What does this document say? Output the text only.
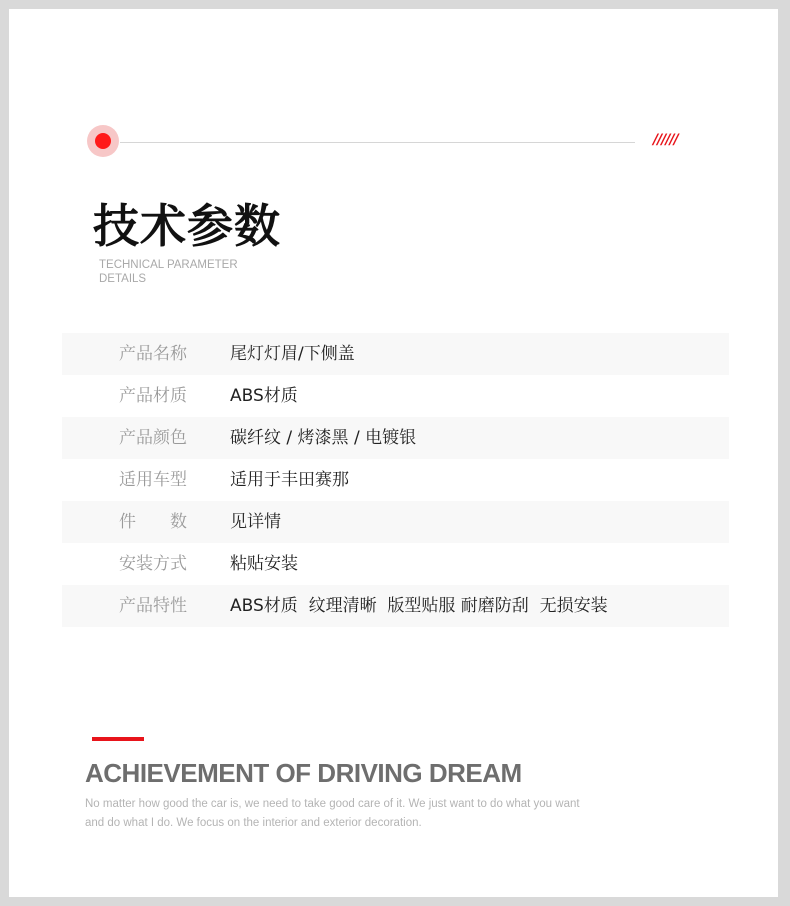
//////
技术参数
TECHNICAL PARAMETER
DETAILS
产品名称	尾灯灯眉/下侧盖
产品材质	ABS材质
产品颜色	碳纤纹 / 烤漆黑 / 电镀银
适用车型	适用于丰田赛那
件　　数	见详情
安装方式	粘贴安装
产品特性	ABS材质  纹理清晰  版型贴服 耐磨防刮  无损安装
ACHIEVEMENT OF DRIVING DREAM
No matter how good the car is, we need to take good care of it. We just want to do what you want
and do what I do. We focus on the interior and exterior decoration.
